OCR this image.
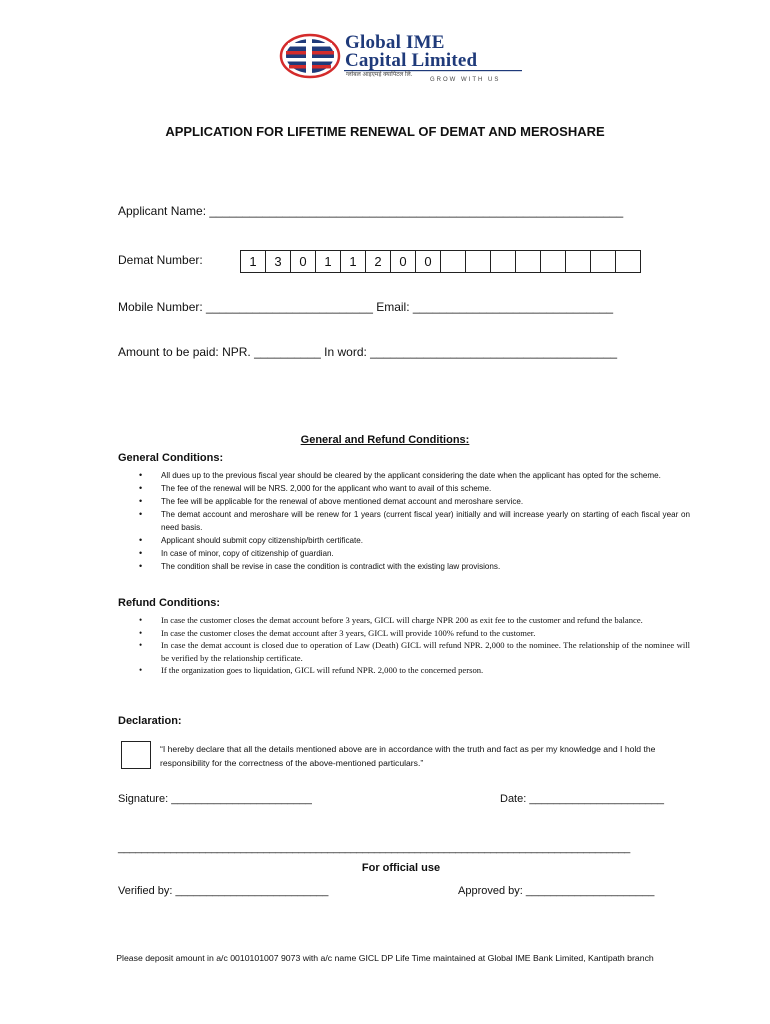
Global IME
Capital Limited
ग्लोबल आइएमई क्यापिटल लि.
GROW WITH US
APPLICATION FOR LIFETIME RENEWAL OF DEMAT AND MEROSHARE
Applicant Name: ______________________________________________________________
Demat Number:	1	3	0	1	1	2	0	0
Mobile Number: _________________________ Email: ______________________________
Amount to be paid: NPR. __________ In word: _____________________________________
General and Refund Conditions:
General Conditions:
• All dues up to the previous fiscal year should be cleared by the applicant considering the date when the applicant has opted for the scheme.
• The fee of the renewal will be NRS. 2,000 for the applicant who want to avail of this scheme.
• The fee will be applicable for the renewal of above mentioned demat account and meroshare service.
• The demat account and meroshare will be renew for 1 years (current fiscal year) initially and will increase yearly on starting of each fiscal year on need basis.
• Applicant should submit copy citizenship/birth certificate.
• In case of minor, copy of citizenship of guardian.
• The condition shall be revise in case the condition is contradict with the existing law provisions.
Refund Conditions:
• In case the customer closes the demat account before 3 years, GICL will charge NPR 200 as exit fee to the customer and refund the balance.
• In case the customer closes the demat account after 3 years, GICL will provide 100% refund to the customer.
• In case the demat account is closed due to operation of Law (Death) GICL will refund NPR. 2,000 to the nominee. The relationship of the nominee will be verified by the relationship certificate.
• If the organization goes to liquidation, GICL will refund NPR. 2,000 to the concerned person.
Declaration:
“I hereby declare that all the details mentioned above are in accordance with the truth and fact as per my knowledge and I hold the responsibility for the correctness of the above-mentioned particulars.”
Signature: _______________________	Date: ______________________
________________________________________________________________________________________
For official use
Verified by: _________________________	Approved by: _____________________
Please deposit amount in a/c 0010101007 9073 with a/c name GICL DP Life Time maintained at Global IME Bank Limited, Kantipath branch
